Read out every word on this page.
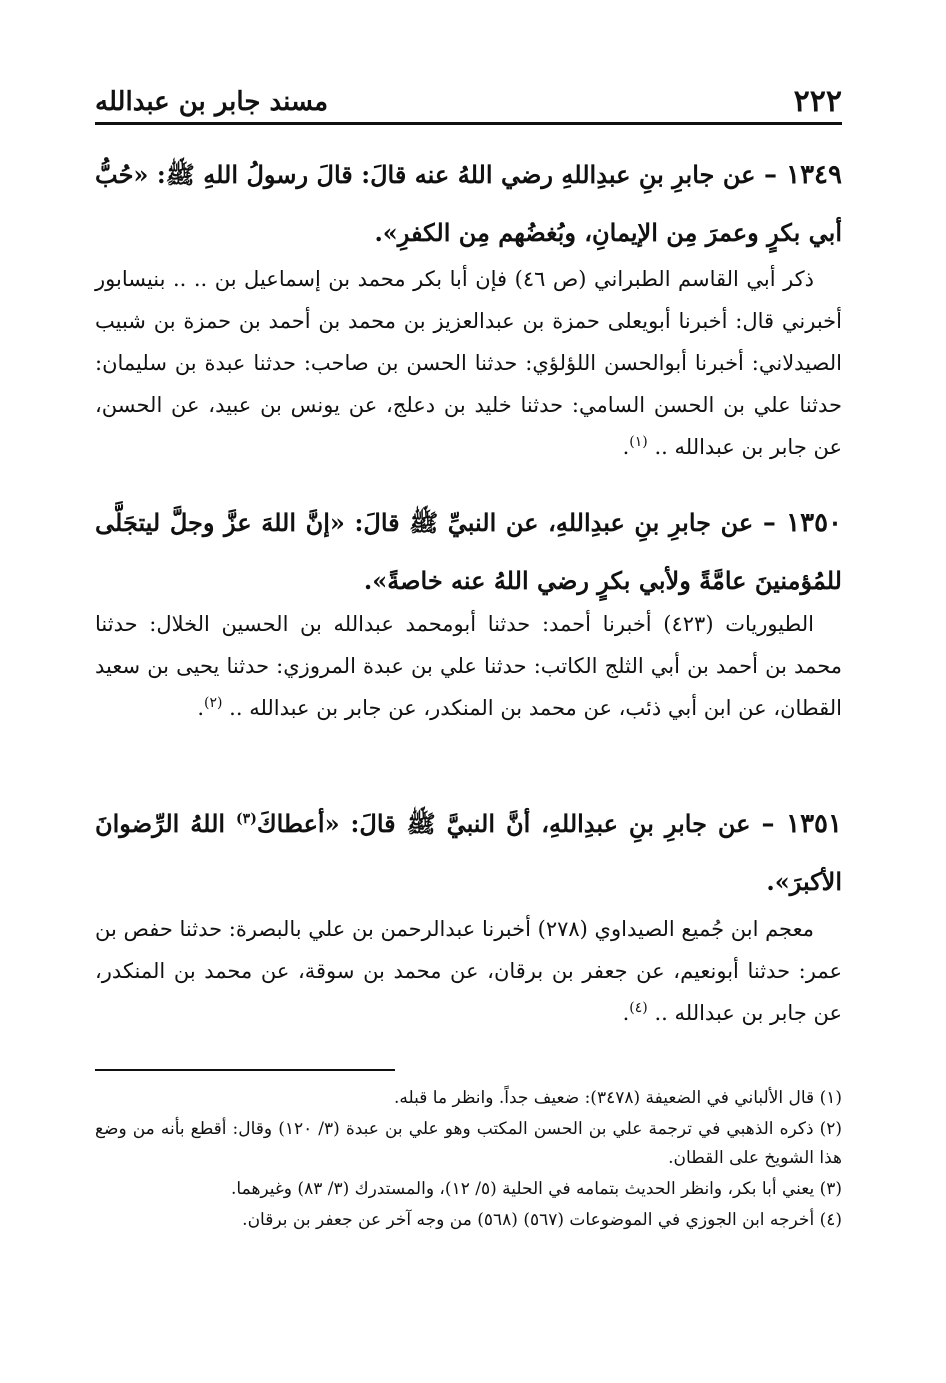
٢٢٢
مسند جابر بن عبدالله

١٣٤٩ – عن جابرِ بنِ عبدِاللهِ رضي اللهُ عنه قالَ: قالَ رسولُ اللهِ ﷺ: «حُبُّ أبي بكرٍ وعمرَ مِن الإيمانِ، وبُغضُهم مِن الكفرِ».

ذكر أبي القاسم الطبراني (ص ٤٦) فإن أبا بكر محمد بن إسماعيل بن .. .. بنيسابور أخبرني قال: أخبرنا أبويعلى حمزة بن عبدالعزيز بن محمد بن أحمد بن حمزة بن شبيب الصيدلاني: أخبرنا أبوالحسن اللؤلؤي: حدثنا الحسن بن صاحب: حدثنا عبدة بن سليمان: حدثنا علي بن الحسن السامي: حدثنا خليد بن دعلج، عن يونس بن عبيد، عن الحسن، عن جابر بن عبدالله .. $^{(١)}$.

١٣٥٠ – عن جابرِ بنِ عبدِاللهِ، عن النبيِّ ﷺ قالَ: «إنَّ اللهَ عزَّ وجلَّ ليتجَلَّى للمُؤمنينَ عامَّةً ولأبي بكرٍ رضي اللهُ عنه خاصةً».

الطيوريات (٤٢٣) أخبرنا أحمد: حدثنا أبومحمد عبدالله بن الحسين الخلال: حدثنا محمد بن أحمد بن أبي الثلج الكاتب: حدثنا علي بن عبدة المروزي: حدثنا يحيى بن سعيد القطان، عن ابن أبي ذئب، عن محمد بن المنكدر، عن جابر بن عبدالله .. $^{(٢)}$.

١٣٥١ – عن جابرِ بنِ عبدِاللهِ، أنَّ النبيَّ ﷺ قالَ: «أعطاكَ$^{(٣)}$ اللهُ الرِّضوانَ الأكبرَ».

معجم ابن جُميع الصيداوي (٢٧٨) أخبرنا عبدالرحمن بن علي بالبصرة: حدثنا حفص بن عمر: حدثنا أبونعيم، عن جعفر بن برقان، عن محمد بن سوقة، عن محمد بن المنكدر، عن جابر بن عبدالله .. $^{(٤)}$.

(١) قال الألباني في الضعيفة (٣٤٧٨): ضعيف جداً. وانظر ما قبله.
(٢) ذكره الذهبي في ترجمة علي بن الحسن المكتب وهو علي بن عبدة (٣/ ١٢٠) وقال: أقطع بأنه من وضع هذا الشويخ على القطان.
(٣) يعني أبا بكر، وانظر الحديث بتمامه في الحلية (٥/ ١٢)، والمستدرك (٣/ ٨٣) وغيرهما.
(٤) أخرجه ابن الجوزي في الموضوعات (٥٦٧) (٥٦٨) من وجه آخر عن جعفر بن برقان.
